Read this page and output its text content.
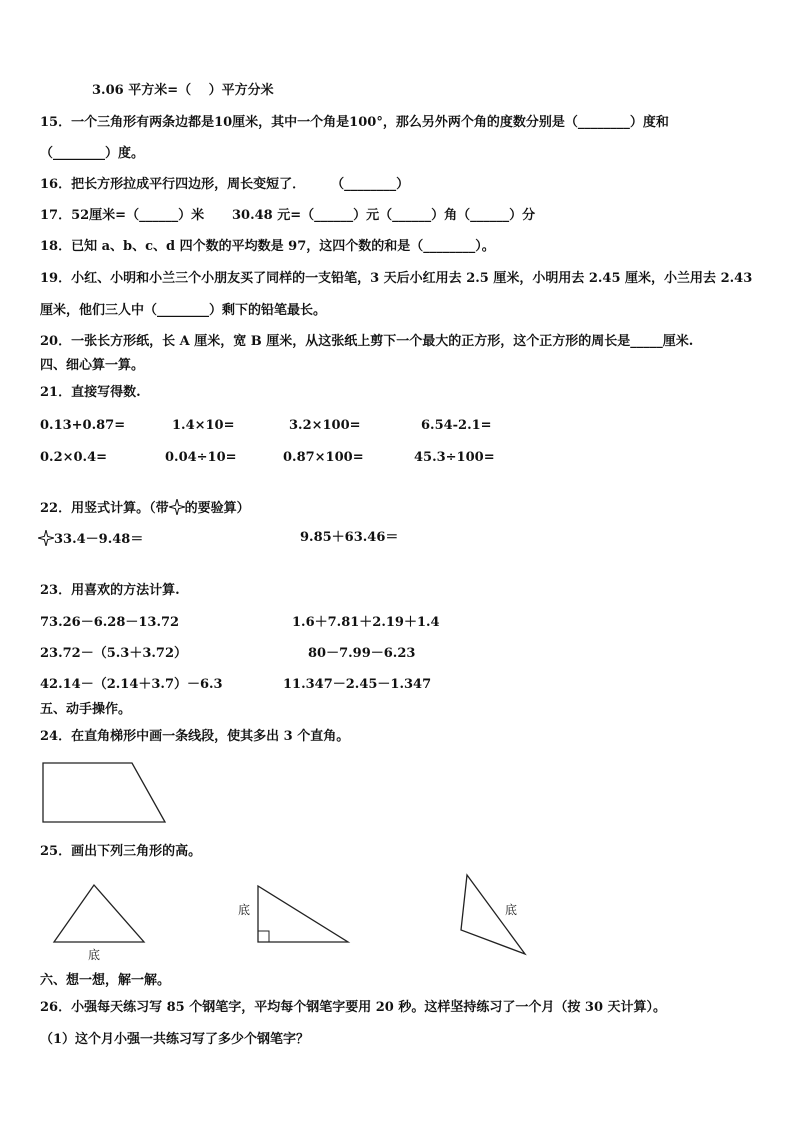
3.06 平方米=（　 ）平方分米
15．一个三角形有两条边都是10厘米，其中一个角是100°，那么另外两个角的度数分别是（________）度和
（________）度。
16．把长方形拉成平行四边形，周长变短了．　　　（________）
17．52厘米=（______）米 30.48 元=（______）元（______）角（______）分
18．已知 a、b、c、d 四个数的平均数是 97，这四个数的和是（________）。
19．小红、小明和小兰三个小朋友买了同样的一支铅笔，3 天后小红用去 2.5 厘米，小明用去 2.45 厘米，小兰用去 2.43
厘米，他们三人中（________）剩下的铅笔最长。
20．一张长方形纸，长 A 厘米，宽 B 厘米，从这张纸上剪下一个最大的正方形，这个正方形的周长是_____厘米.
四、细心算一算。
21．直接写得数.
0.13+0.87=	1.4×10=	3.2×100=	6.54-2.1=
0.2×0.4=	0.04÷10=	0.87×100=	45.3÷100=
22．用竖式计算。（带 的要验算）
33.4－9.48＝	9.85＋63.46＝
23．用喜欢的方法计算.
73.26－6.28－13.72	1.6＋7.81＋2.19＋1.4
23.72－（5.3＋3.72）	80－7.99－6.23
42.14－（2.14＋3.7）－6.3	11.347－2.45－1.347
五、动手操作。
24．在直角梯形中画一条线段，使其多出 3 个直角。
25．画出下列三角形的高。
底
底	底
六、想一想，解一解。
26．小强每天练习写 85 个钢笔字，平均每个钢笔字要用 20 秒。这样坚持练习了一个月（按 30 天计算）。
（1）这个月小强一共练习写了多少个钢笔字？
